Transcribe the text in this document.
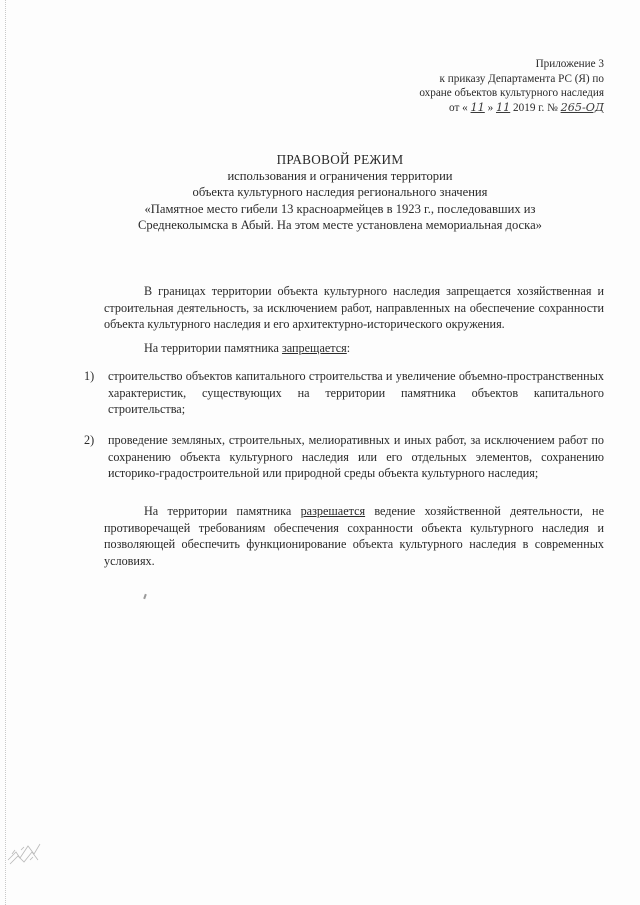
Приложение 3
к приказу Департамента РС (Я) по
охране объектов культурного наследия
от « 11 » 11 2019 г. № 265-ОД
ПРАВОВОЙ РЕЖИМ
использования и ограничения территории
объекта культурного наследия регионального значения
«Памятное место гибели 13 красноармейцев в 1923 г., последовавших из
Среднеколымска в Абый. На этом месте установлена мемориальная доска»
В границах территории объекта культурного наследия запрещается хозяйственная и строительная деятельность, за исключением работ, направленных на обеспечение сохранности объекта культурного наследия и его архитектурно-исторического окружения.
На территории памятника запрещается:
1) строительство объектов капитального строительства и увеличение объемно-пространственных характеристик, существующих на территории памятника объектов капитального строительства;
2) проведение земляных, строительных, мелиоративных и иных работ, за исключением работ по сохранению объекта культурного наследия или его отдельных элементов, сохранению историко-градостроительной или природной среды объекта культурного наследия;
На территории памятника разрешается ведение хозяйственной деятельности, не противоречащей требованиям обеспечения сохранности объекта культурного наследия и позволяющей обеспечить функционирование объекта культурного наследия в современных условиях.
